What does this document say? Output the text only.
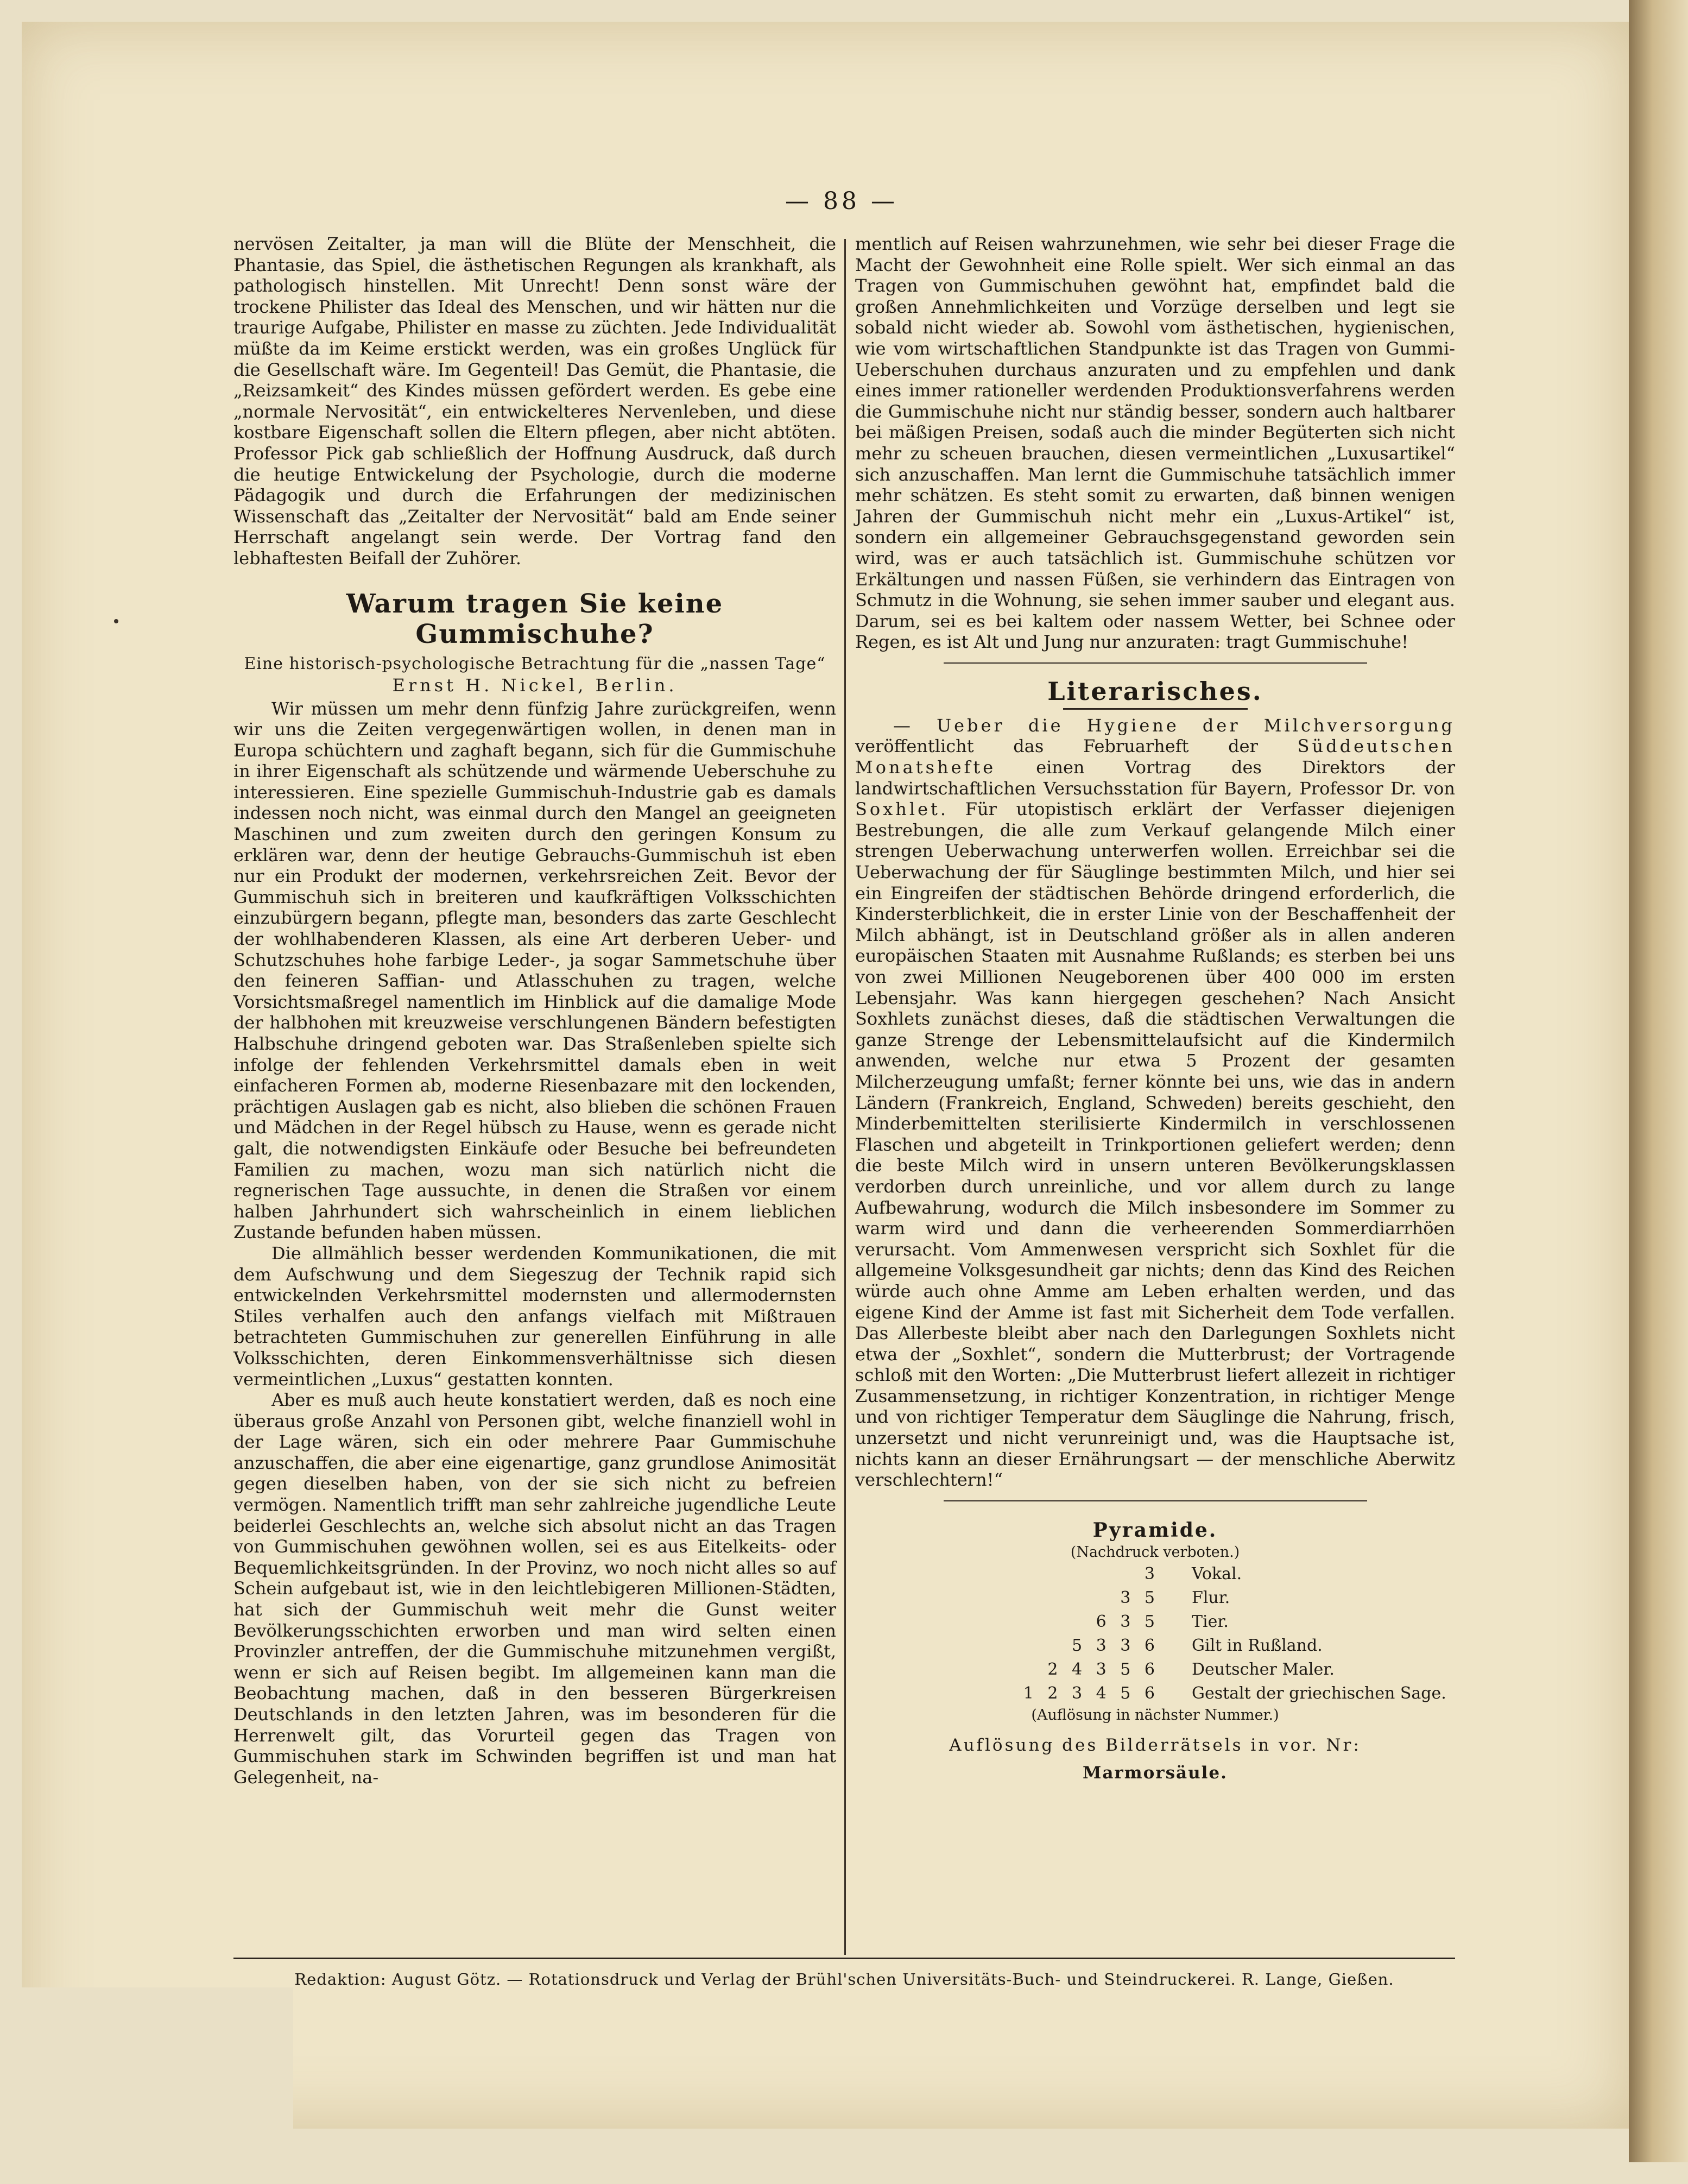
— 88 —

nervösen Zeitalter, ja man will die Blüte der Menschheit, die Phantasie, das Spiel, die ästhetischen Regungen als krankhaft, als pathologisch hinstellen. Mit Unrecht! Denn sonst wäre der trockene Philister das Ideal des Menschen, und wir hätten nur die traurige Aufgabe, Philister en masse zu züchten. Jede Individualität müßte da im Keime erstickt werden, was ein großes Unglück für die Gesellschaft wäre. Im Gegenteil! Das Gemüt, die Phantasie, die „Reizsamkeit“ des Kindes müssen gefördert werden. Es gebe eine „normale Nervosität“, ein entwickelteres Nervenleben, und diese kostbare Eigenschaft sollen die Eltern pflegen, aber nicht abtöten. Professor Pick gab schließlich der Hoffnung Ausdruck, daß durch die heutige Entwickelung der Psychologie, durch die moderne Pädagogik und durch die Erfahrungen der medizinischen Wissenschaft das „Zeitalter der Nervosität“ bald am Ende seiner Herrschaft angelangt sein werde. Der Vortrag fand den lebhaftesten Beifall der Zuhörer.

Warum tragen Sie keine Gummischuhe?
Eine historisch-psychologische Betrachtung für die „nassen Tage“
Ernst H. Nickel, Berlin.

Wir müssen um mehr denn fünfzig Jahre zurückgreifen, wenn wir uns die Zeiten vergegenwärtigen wollen, in denen man in Europa schüchtern und zaghaft begann, sich für die Gummischuhe in ihrer Eigenschaft als schützende und wärmende Ueberschuhe zu interessieren. Eine spezielle Gummischuh-Industrie gab es damals indessen noch nicht, was einmal durch den Mangel an geeigneten Maschinen und zum zweiten durch den geringen Konsum zu erklären war, denn der heutige Gebrauchs-Gummischuh ist eben nur ein Produkt der modernen, verkehrsreichen Zeit. Bevor der Gummischuh sich in breiteren und kaufkräftigen Volksschichten einzubürgern begann, pflegte man, besonders das zarte Geschlecht der wohlhabenderen Klassen, als eine Art derberen Ueber- und Schutzschuhes hohe farbige Leder-, ja sogar Sammetschuhe über den feineren Saffian- und Atlasschuhen zu tragen, welche Vorsichtsmaßregel namentlich im Hinblick auf die damalige Mode der halbhohen mit kreuzweise verschlungenen Bändern befestigten Halbschuhe dringend geboten war. Das Straßenleben spielte sich infolge der fehlenden Verkehrsmittel damals eben in weit einfacheren Formen ab, moderne Riesenbazare mit den lockenden, prächtigen Auslagen gab es nicht, also blieben die schönen Frauen und Mädchen in der Regel hübsch zu Hause, wenn es gerade nicht galt, die notwendigsten Einkäufe oder Besuche bei befreundeten Familien zu machen, wozu man sich natürlich nicht die regnerischen Tage aussuchte, in denen die Straßen vor einem halben Jahrhundert sich wahrscheinlich in einem lieblichen Zustande befunden haben müssen.

Die allmählich besser werdenden Kommunikationen, die mit dem Aufschwung und dem Siegeszug der Technik rapid sich entwickelnden Verkehrsmittel modernsten und allermodernsten Stiles verhalfen auch den anfangs vielfach mit Mißtrauen betrachteten Gummischuhen zur generellen Einführung in alle Volksschichten, deren Einkommensverhältnisse sich diesen vermeintlichen „Luxus“ gestatten konnten.

Aber es muß auch heute konstatiert werden, daß es noch eine überaus große Anzahl von Personen gibt, welche finanziell wohl in der Lage wären, sich ein oder mehrere Paar Gummischuhe anzuschaffen, die aber eine eigenartige, ganz grundlose Animosität gegen dieselben haben, von der sie sich nicht zu befreien vermögen. Namentlich trifft man sehr zahlreiche jugendliche Leute beiderlei Geschlechts an, welche sich absolut nicht an das Tragen von Gummischuhen gewöhnen wollen, sei es aus Eitelkeits- oder Bequemlichkeitsgründen. In der Provinz, wo noch nicht alles so auf Schein aufgebaut ist, wie in den leichtlebigeren Millionen-Städten, hat sich der Gummischuh weit mehr die Gunst weiter Bevölkerungsschichten erworben und man wird selten einen Provinzler antreffen, der die Gummischuhe mitzunehmen vergißt, wenn er sich auf Reisen begibt. Im allgemeinen kann man die Beobachtung machen, daß in den besseren Bürgerkreisen Deutschlands in den letzten Jahren, was im besonderen für die Herrenwelt gilt, das Vorurteil gegen das Tragen von Gummischuhen stark im Schwinden begriffen ist und man hat Gelegenheit, na-

mentlich auf Reisen wahrzunehmen, wie sehr bei dieser Frage die Macht der Gewohnheit eine Rolle spielt. Wer sich einmal an das Tragen von Gummischuhen gewöhnt hat, empfindet bald die großen Annehmlichkeiten und Vorzüge derselben und legt sie sobald nicht wieder ab. Sowohl vom ästhetischen, hygienischen, wie vom wirtschaftlichen Standpunkte ist das Tragen von Gummi-Ueberschuhen durchaus anzuraten und zu empfehlen und dank eines immer rationeller werdenden Produktionsverfahrens werden die Gummischuhe nicht nur ständig besser, sondern auch haltbarer bei mäßigen Preisen, sodaß auch die minder Begüterten sich nicht mehr zu scheuen brauchen, diesen vermeintlichen „Luxusartikel“ sich anzuschaffen. Man lernt die Gummischuhe tatsächlich immer mehr schätzen. Es steht somit zu erwarten, daß binnen wenigen Jahren der Gummischuh nicht mehr ein „Luxus-Artikel“ ist, sondern ein allgemeiner Gebrauchsgegenstand geworden sein wird, was er auch tatsächlich ist. Gummischuhe schützen vor Erkältungen und nassen Füßen, sie verhindern das Eintragen von Schmutz in die Wohnung, sie sehen immer sauber und elegant aus. Darum, sei es bei kaltem oder nassem Wetter, bei Schnee oder Regen, es ist Alt und Jung nur anzuraten: tragt Gummischuhe!

Literarisches.

— Ueber die Hygiene der Milchversorgung veröffentlicht das Februarheft der Süddeutschen Monatshefte einen Vortrag des Direktors der landwirtschaftlichen Versuchsstation für Bayern, Professor Dr. von Soxhlet. Für utopistisch erklärt der Verfasser diejenigen Bestrebungen, die alle zum Verkauf gelangende Milch einer strengen Ueberwachung unterwerfen wollen. Erreichbar sei die Ueberwachung der für Säuglinge bestimmten Milch, und hier sei ein Eingreifen der städtischen Behörde dringend erforderlich, die Kindersterblichkeit, die in erster Linie von der Beschaffenheit der Milch abhängt, ist in Deutschland größer als in allen anderen europäischen Staaten mit Ausnahme Rußlands; es sterben bei uns von zwei Millionen Neugeborenen über 400 000 im ersten Lebensjahr. Was kann hiergegen geschehen? Nach Ansicht Soxhlets zunächst dieses, daß die städtischen Verwaltungen die ganze Strenge der Lebensmittelaufsicht auf die Kindermilch anwenden, welche nur etwa 5 Prozent der gesamten Milcherzeugung umfaßt; ferner könnte bei uns, wie das in andern Ländern (Frankreich, England, Schweden) bereits geschieht, den Minderbemittelten sterilisierte Kindermilch in verschlossenen Flaschen und abgeteilt in Trinkportionen geliefert werden; denn die beste Milch wird in unsern unteren Bevölkerungsklassen verdorben durch unreinliche, und vor allem durch zu lange Aufbewahrung, wodurch die Milch insbesondere im Sommer zu warm wird und dann die verheerenden Sommerdiarrhöen verursacht. Vom Ammenwesen verspricht sich Soxhlet für die allgemeine Volksgesundheit gar nichts; denn das Kind des Reichen würde auch ohne Amme am Leben erhalten werden, und das eigene Kind der Amme ist fast mit Sicherheit dem Tode verfallen. Das Allerbeste bleibt aber nach den Darlegungen Soxhlets nicht etwa der „Soxhlet“, sondern die Mutterbrust; der Vortragende schloß mit den Worten: „Die Mutterbrust liefert allezeit in richtiger Zusammensetzung, in richtiger Konzentration, in richtiger Menge und von richtiger Temperatur dem Säuglinge die Nahrung, frisch, unzersetzt und nicht verunreinigt und, was die Hauptsache ist, nichts kann an dieser Ernährungsart — der menschliche Aberwitz verschlechtern!“

Pyramide.
(Nachdruck verboten.)
3	Vokal.
3 5	Flur.
6 3 5	Tier.
5 3 3 6	Gilt in Rußland.
2 4 3 5 6	Deutscher Maler.
1 2 3 4 5 6	Gestalt der griechischen Sage.
(Auflösung in nächster Nummer.)
Auflösung des Bilderrätsels in vor. Nr:
Marmorsäule.
Redaktion: August Götz. — Rotationsdruck und Verlag der Brühl'schen Universitäts-Buch- und Steindruckerei. R. Lange, Gießen.
